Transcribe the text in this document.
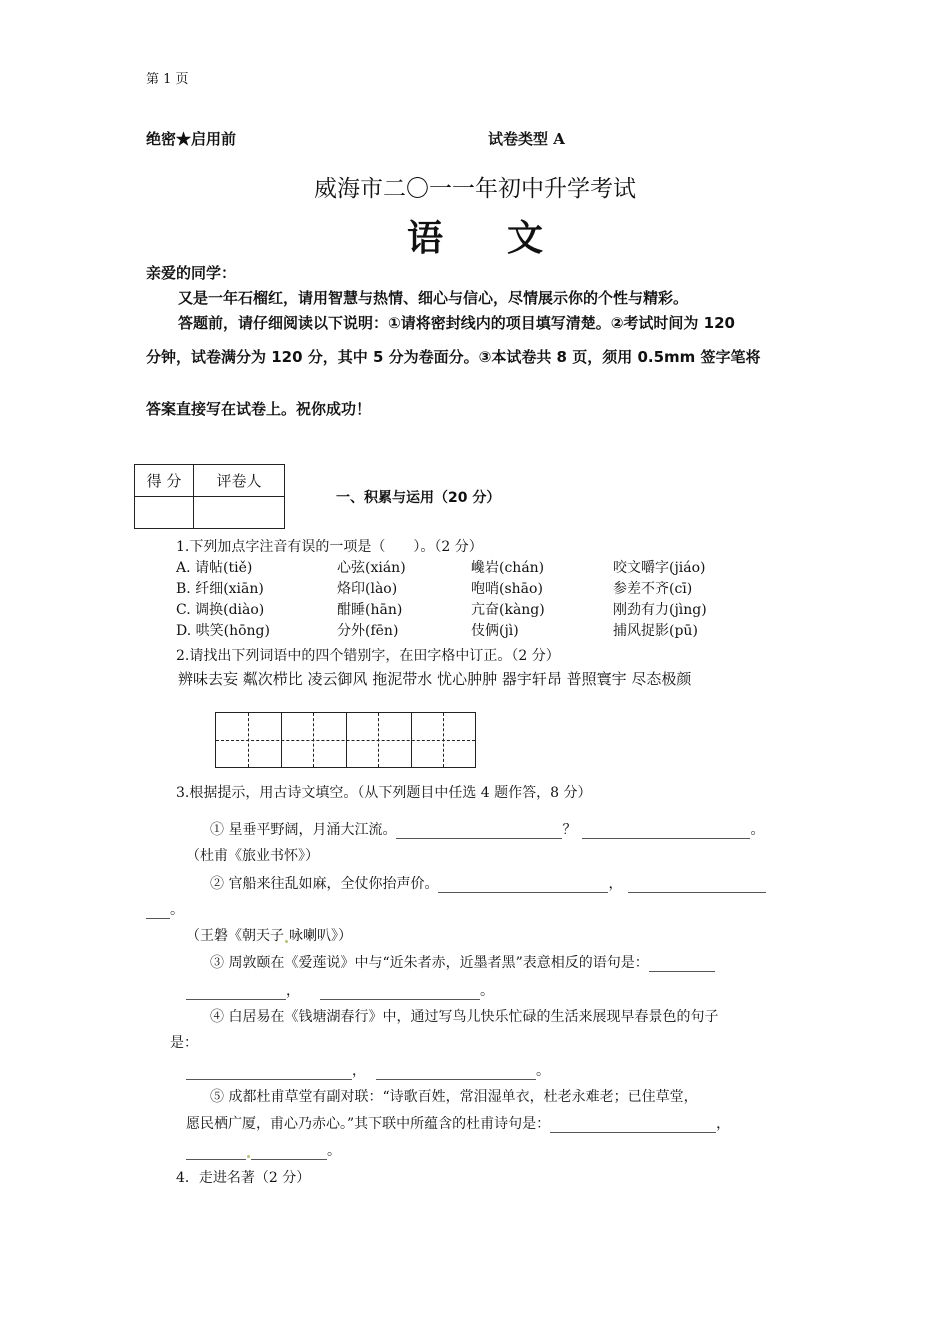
第 1 页
绝密★启用前	试卷类型 A
威海市二〇一一年初中升学考试
语文
亲爱的同学：
又是一年石榴红，请用智慧与热情、细心与信心，尽情展示你的个性与精彩。
答题前，请仔细阅读以下说明：①请将密封线内的项目填写清楚。②考试时间为 120
分钟，试卷满分为 120 分，其中 5 分为卷面分。③本试卷共 8 页，须用 0.5mm 签字笔将
答案直接写在试卷上。祝你成功！
得 分	评卷人

一、积累与运用（20 分）
1.下列加点字注音有误的一项是（　　）。（2 分）
A. 请帖(tiě)	心弦(xián)	巉岩(chán)	咬文嚼字(jiáo)
B. 纤细(xiān)	烙印(lào)	咆哨(shāo)	参差不齐(cī)
C. 调换(diào)	酣睡(hān)	亢奋(kàng)	刚劲有力(jìng)
D. 哄笑(hōng)	分外(fēn)	伎俩(jì)	捕风捉影(pū)
2.请找出下列词语中的四个错别字，在田字格中订正。（2 分）
辨味去妄 粼次栉比 凌云御风 拖泥带水 忧心肿肿 器宇轩昂 普照寰宇 尽态极颜
3.根据提示，用古诗文填空。（从下列题目中任选 4 题作答，8 分）
① 星垂平野阔，月涌大江流。	？	。
（杜甫《旅业书怀》）
② 官船来往乱如麻，全仗你抬声价。	，
。
（王磐《朝天子 咏喇叭》）
③ 周敦颐在《爱莲说》中与“近朱者赤，近墨者黑”表意相反的语句是：
，	。
④ 白居易在《钱塘湖春行》中，通过写鸟儿快乐忙碌的生活来展现早春景色的句子
是：
，	。
⑤ 成都杜甫草堂有副对联：“诗歌百姓，常泪湿单衣，杜老永难老；已住草堂，
愿民栖广厦，甫心乃赤心。”其下联中所蕴含的杜甫诗句是：	，
。
4．走进名著（2 分）
